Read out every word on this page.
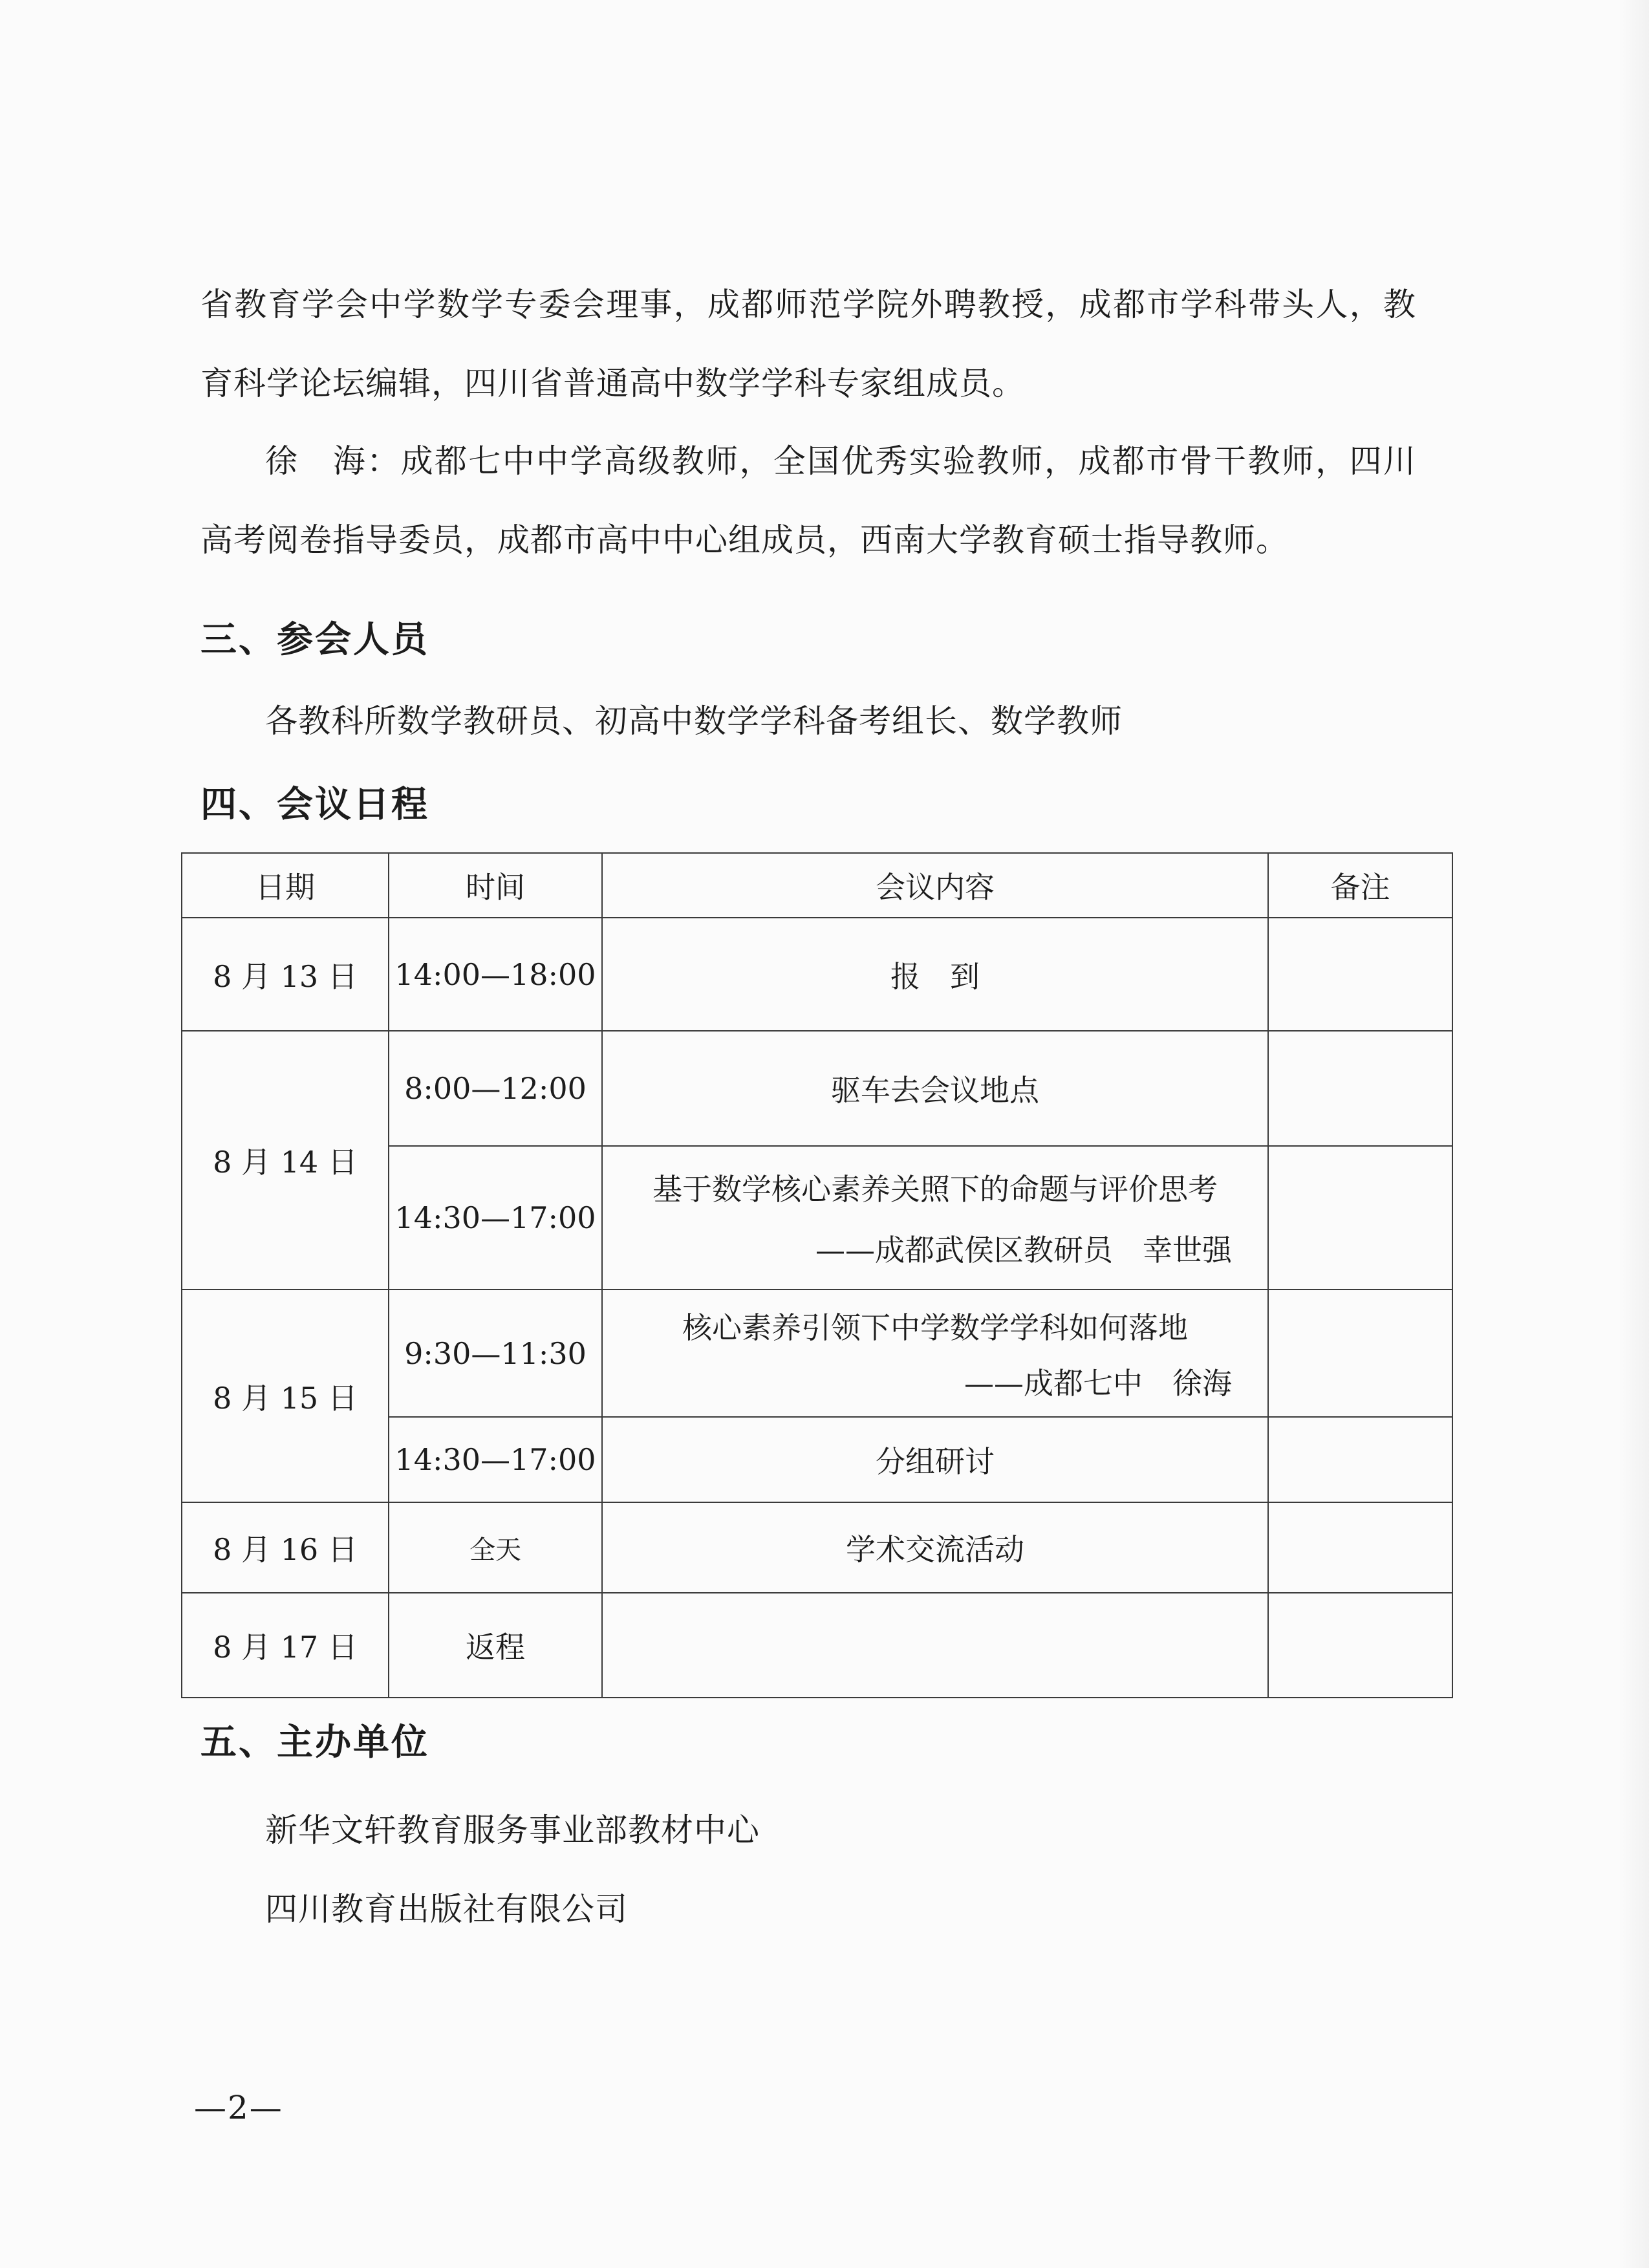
省教育学会中学数学专委会理事，成都师范学院外聘教授，成都市学科带头人，教育科学论坛编辑，四川省普通高中数学学科专家组成员。

徐　海：成都七中中学高级教师，全国优秀实验教师，成都市骨干教师，四川高考阅卷指导委员，成都市高中中心组成员，西南大学教育硕士指导教师。

三、参会人员
各教科所数学教研员、初高中数学学科备考组长、数学教师
四、会议日程
日期	时间	会议内容	备注
8 月 13 日	14:00—18:00	报　到	
8 月 14 日	8:00—12:00	驱车去会议地点	
	14:30—17:00	基于数学核心素养关照下的命题与评价思考
——成都武侯区教研员　幸世强	

8 月 15 日	9:30—11:30	核心素养引领下中学数学学科如何落地
——成都七中　徐海	

	14:30—17:00	分组研讨	
8 月 16 日	全天	学术交流活动	
8 月 17 日	返程		
五、主办单位
新华文轩教育服务事业部教材中心
四川教育出版社有限公司
—2—
